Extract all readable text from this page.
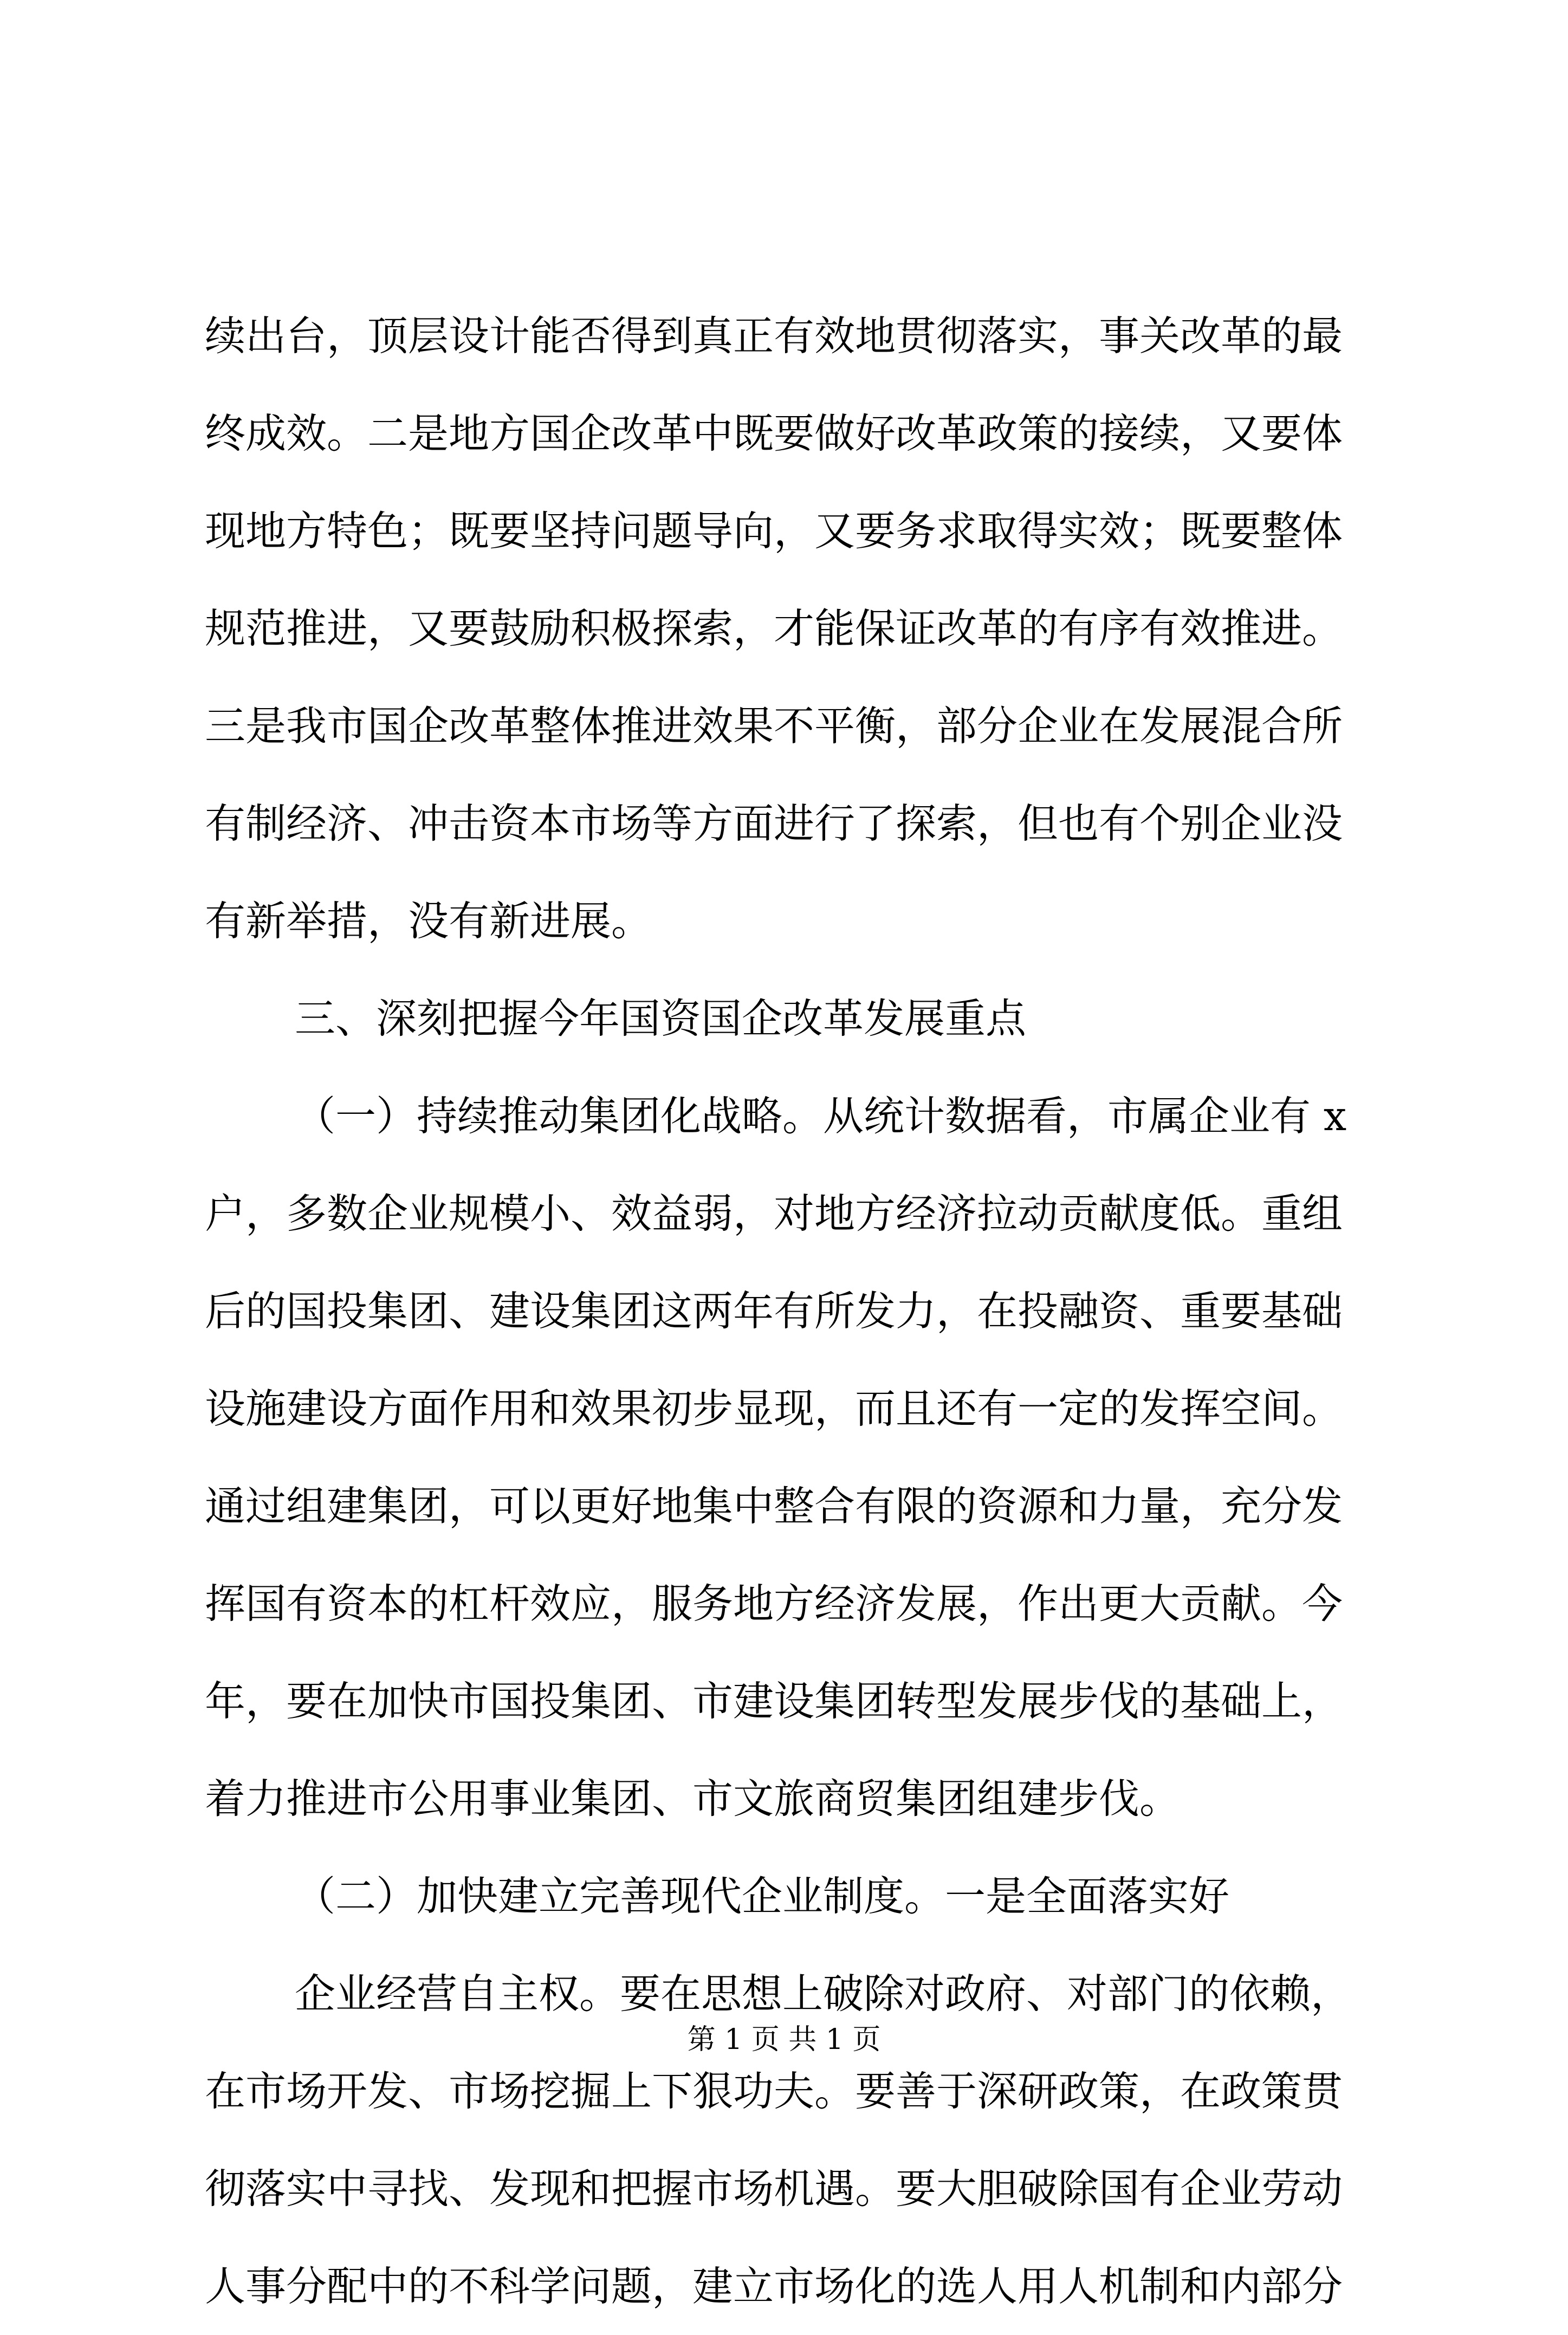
续出台，顶层设计能否得到真正有效地贯彻落实，事关改革的最
终成效。二是地方国企改革中既要做好改革政策的接续，又要体
现地方特色；既要坚持问题导向，又要务求取得实效；既要整体
规范推进，又要鼓励积极探索，才能保证改革的有序有效推进。
三是我市国企改革整体推进效果不平衡，部分企业在发展混合所
有制经济、冲击资本市场等方面进行了探索，但也有个别企业没
有新举措，没有新进展。
三、深刻把握今年国资国企改革发展重点
（一）持续推动集团化战略。从统计数据看，市属企业有 x
户，多数企业规模小、效益弱，对地方经济拉动贡献度低。重组
后的国投集团、建设集团这两年有所发力，在投融资、重要基础
设施建设方面作用和效果初步显现，而且还有一定的发挥空间。
通过组建集团，可以更好地集中整合有限的资源和力量，充分发
挥国有资本的杠杆效应，服务地方经济发展，作出更大贡献。今
年，要在加快市国投集团、市建设集团转型发展步伐的基础上，
着力推进市公用事业集团、市文旅商贸集团组建步伐。
（二）加快建立完善现代企业制度。一是全面落实好
企业经营自主权。要在思想上破除对政府、对部门的依赖，
在市场开发、市场挖掘上下狠功夫。要善于深研政策，在政策贯
彻落实中寻找、发现和把握市场机遇。要大胆破除国有企业劳动
人事分配中的不科学问题，建立市场化的选人用人机制和内部分
第 1 页 共 1 页
